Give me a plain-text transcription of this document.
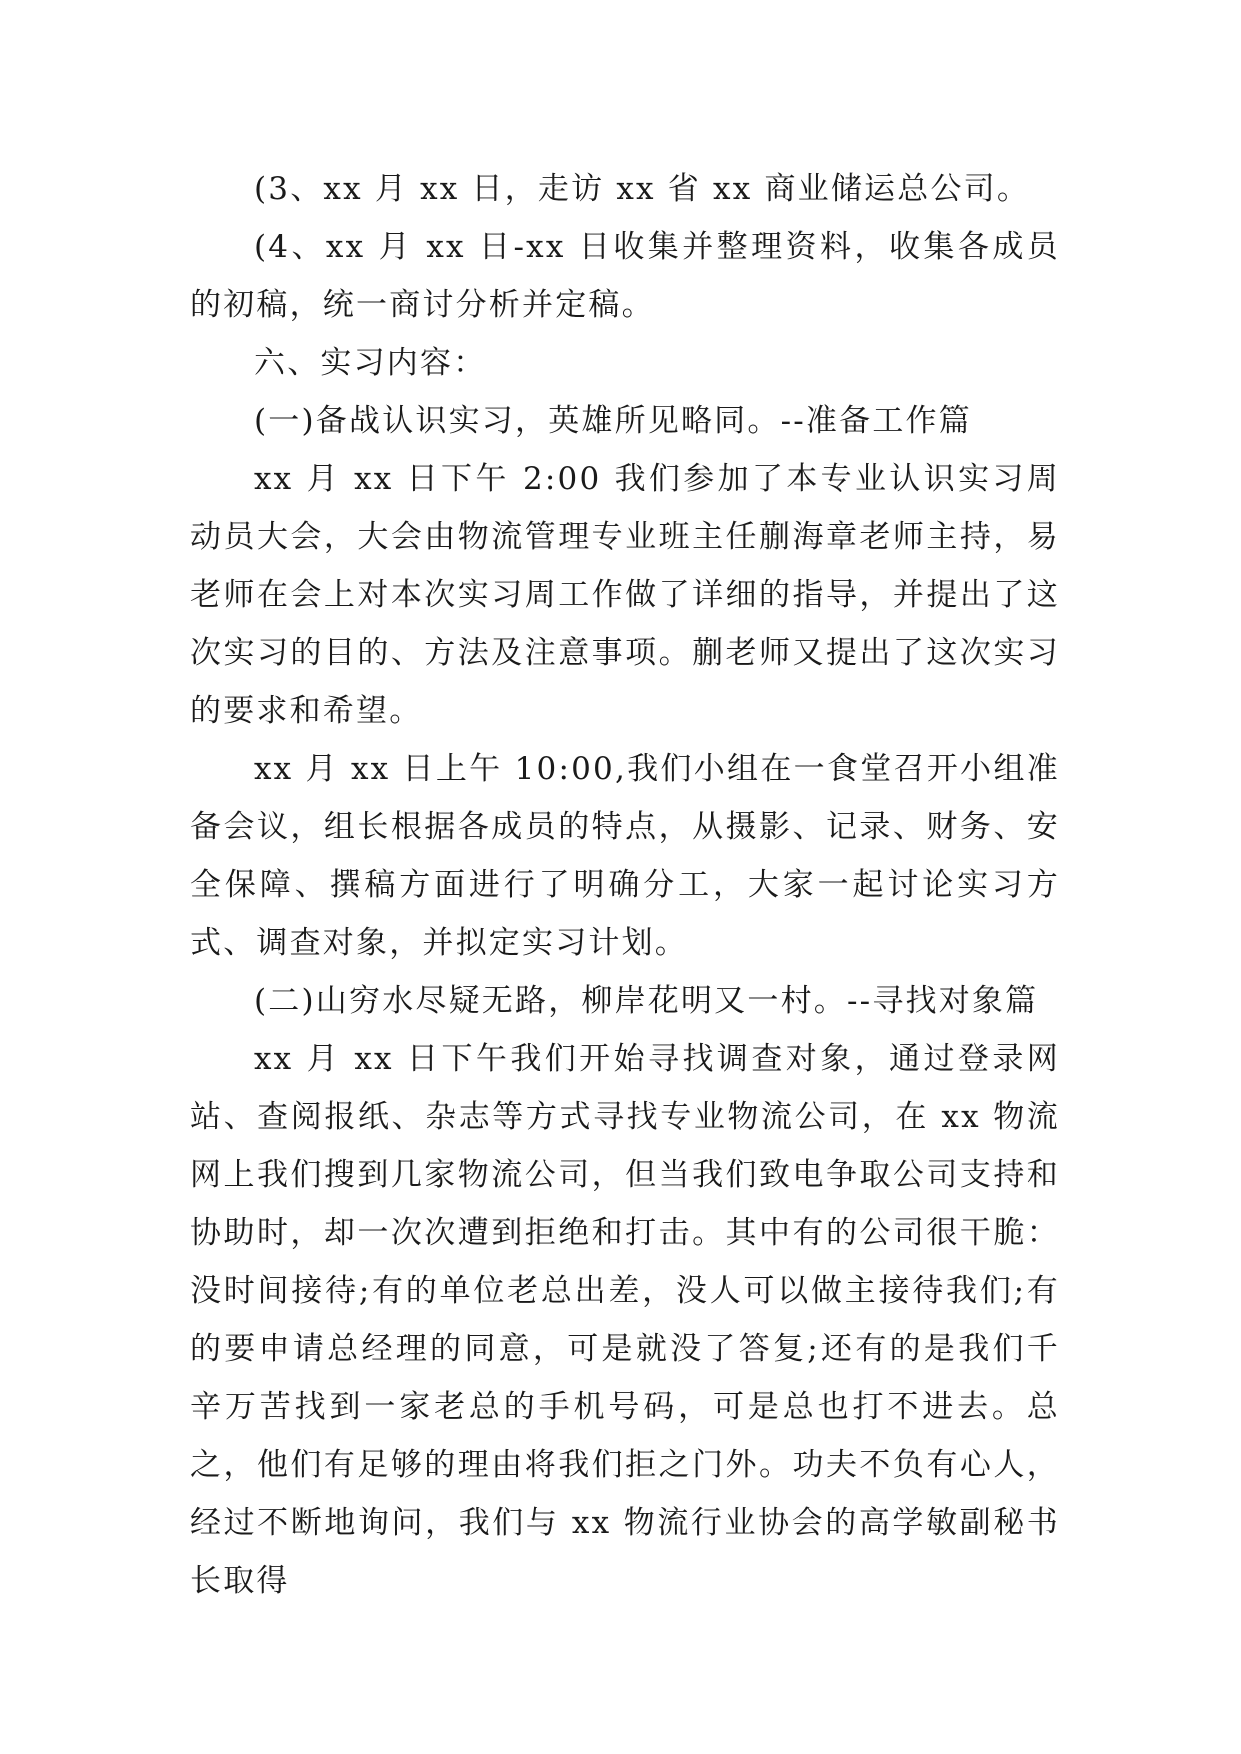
(3、xx 月 xx 日，走访 xx 省 xx 商业储运总公司。

(4、xx 月 xx 日-xx 日收集并整理资料，收集各成员的初稿，统一商讨分析并定稿。

六、实习内容：

(一)备战认识实习，英雄所见略同。--准备工作篇

xx 月 xx 日下午 2:00 我们参加了本专业认识实习周动员大会，大会由物流管理专业班主任蒯海章老师主持，易老师在会上对本次实习周工作做了详细的指导，并提出了这次实习的目的、方法及注意事项。蒯老师又提出了这次实习的要求和希望。

xx 月 xx 日上午 10:00,我们小组在一食堂召开小组准备会议，组长根据各成员的特点，从摄影、记录、财务、安全保障、撰稿方面进行了明确分工，大家一起讨论实习方式、调查对象，并拟定实习计划。

(二)山穷水尽疑无路，柳岸花明又一村。--寻找对象篇

xx 月 xx 日下午我们开始寻找调查对象，通过登录网站、查阅报纸、杂志等方式寻找专业物流公司，在 xx 物流网上我们搜到几家物流公司，但当我们致电争取公司支持和协助时，却一次次遭到拒绝和打击。其中有的公司很干脆：没时间接待;有的单位老总出差，没人可以做主接待我们;有的要申请总经理的同意，可是就没了答复;还有的是我们千辛万苦找到一家老总的手机号码，可是总也打不进去。总之，他们有足够的理由将我们拒之门外。功夫不负有心人，经过不断地询问，我们与 xx 物流行业协会的高学敏副秘书长取得
